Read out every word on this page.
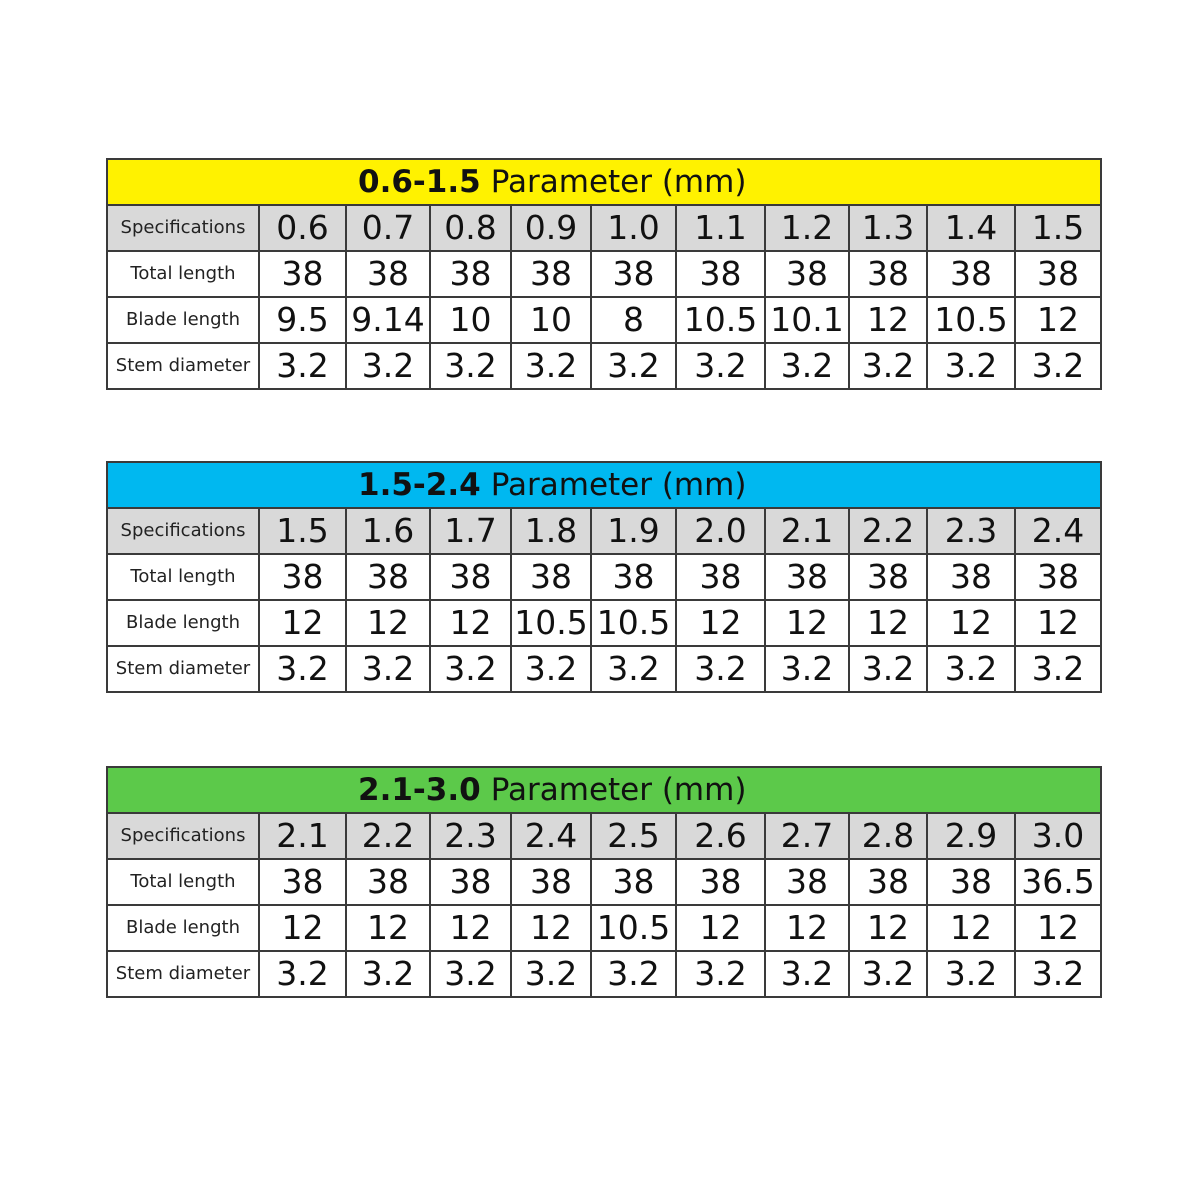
0.6-1.5 Parameter (mm)										
Specifications	0.6	0.7	0.8	0.9	1.0	1.1	1.2	1.3	1.4	1.5
Total length	38	38	38	38	38	38	38	38	38	38
Blade length	9.5	9.14	10	10	8	10.5	10.1	12	10.5	12
Stem diameter	3.2	3.2	3.2	3.2	3.2	3.2	3.2	3.2	3.2	3.2
1.5-2.4 Parameter (mm)										
Specifications	1.5	1.6	1.7	1.8	1.9	2.0	2.1	2.2	2.3	2.4
Total length	38	38	38	38	38	38	38	38	38	38
Blade length	12	12	12	10.5	10.5	12	12	12	12	12
Stem diameter	3.2	3.2	3.2	3.2	3.2	3.2	3.2	3.2	3.2	3.2
2.1-3.0 Parameter (mm)										
Specifications	2.1	2.2	2.3	2.4	2.5	2.6	2.7	2.8	2.9	3.0
Total length	38	38	38	38	38	38	38	38	38	36.5
Blade length	12	12	12	12	10.5	12	12	12	12	12
Stem diameter	3.2	3.2	3.2	3.2	3.2	3.2	3.2	3.2	3.2	3.2
